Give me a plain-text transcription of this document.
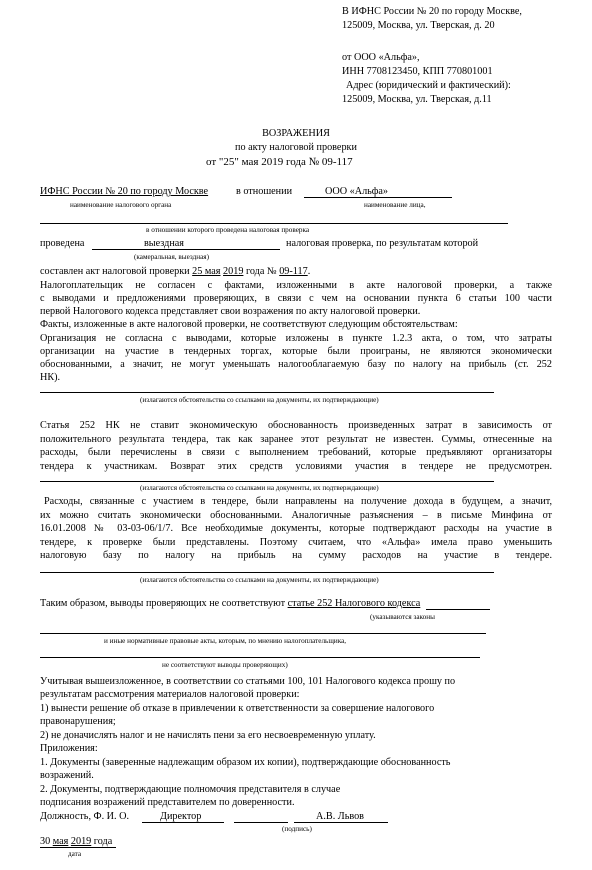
В ИФНС России № 20 по городу Москве,
125009, Москва, ул. Тверская, д. 20
от ООО «Альфа»,
ИНН 7708123450, КПП 770801001
Адрес (юридический и фактический):
125009, Москва, ул. Тверская, д.11
ВОЗРАЖЕНИЯ
по акту налоговой проверки
от "25" мая 2019 года № 09-117
ИФНС России № 20 по городу Москве	в отношении	ООО «Альфа»
наименование налогового органа	наименование лица,
в отношении которого проведена налоговая проверка
проведена	выездная	налоговая проверка, по результатам которой
(камеральная, выездная)
составлен акт налоговой проверки 25 мая 2019 года № 09-117.
Налогоплательщик не согласен с фактами, изложенными в акте налоговой проверки, а также
с выводами и предложениями проверяющих, в связи с чем на основании пункта 6 статьи 100 части
первой Налогового кодекса представляет свои возражения по акту налоговой проверки.
Факты, изложенные в акте налоговой проверки, не соответствуют следующим обстоятельствам:
Организация не согласна с выводами, которые изложены в пункте 1.2.3 акта, о том, что затраты
организации на участие в тендерных торгах, которые были проиграны, не являются экономически
обоснованными, а значит, не могут уменьшать налогооблагаемую базу по налогу на прибыль (ст. 252
НК).
(излагаются обстоятельства со ссылками на документы, их подтверждающие)
Статья 252 НК не ставит экономическую обоснованность произведенных затрат в зависимость от
положительного результата тендера, так как заранее этот результат не известен. Суммы, отнесенные на
расходы, были перечислены в связи с выполнением требований, которые предъявляют организаторы
тендера к участникам. Возврат этих средств условиями участия в тендере не предусмотрен.
(излагаются обстоятельства со ссылками на документы, их подтверждающие)
Расходы, связанные с участием в тендере, были направлены на получение дохода в будущем, а значит,
их можно считать экономически обоснованными. Аналогичные разъяснения – в письме Минфина от
16.01.2008 № 03-03-06/1/7. Все необходимые документы, которые подтверждают расходы на участие в
тендере, к проверке были представлены. Поэтому считаем, что «Альфа» имела право уменьшить
налоговую базу по налогу на прибыль на сумму расходов на участие в тендере.
(излагаются обстоятельства со ссылками на документы, их подтверждающие)
Таким образом, выводы проверяющих не соответствуют статье 252 Налогового кодекса
(указываются законы
и иные нормативные правовые акты, которым, по мнению налогоплательщика,
не соответствуют выводы проверяющих)
Учитывая вышеизложенное, в соответствии со статьями 100, 101 Налогового кодекса прошу по
результатам рассмотрения материалов налоговой проверки:
1) вынести решение об отказе в привлечении к ответственности за совершение налогового
правонарушения;
2) не доначислять налог и не начислять пени за его несвоевременную уплату.
Приложения:
1. Документы (заверенные надлежащим образом их копии), подтверждающие обоснованность
возражений.
2. Документы, подтверждающие полномочия представителя в случае
подписания возражений представителем по доверенности.
Должность, Ф. И. О.	Директор	А.В. Львов
(подпись)
30 мая 2019 года
дата
